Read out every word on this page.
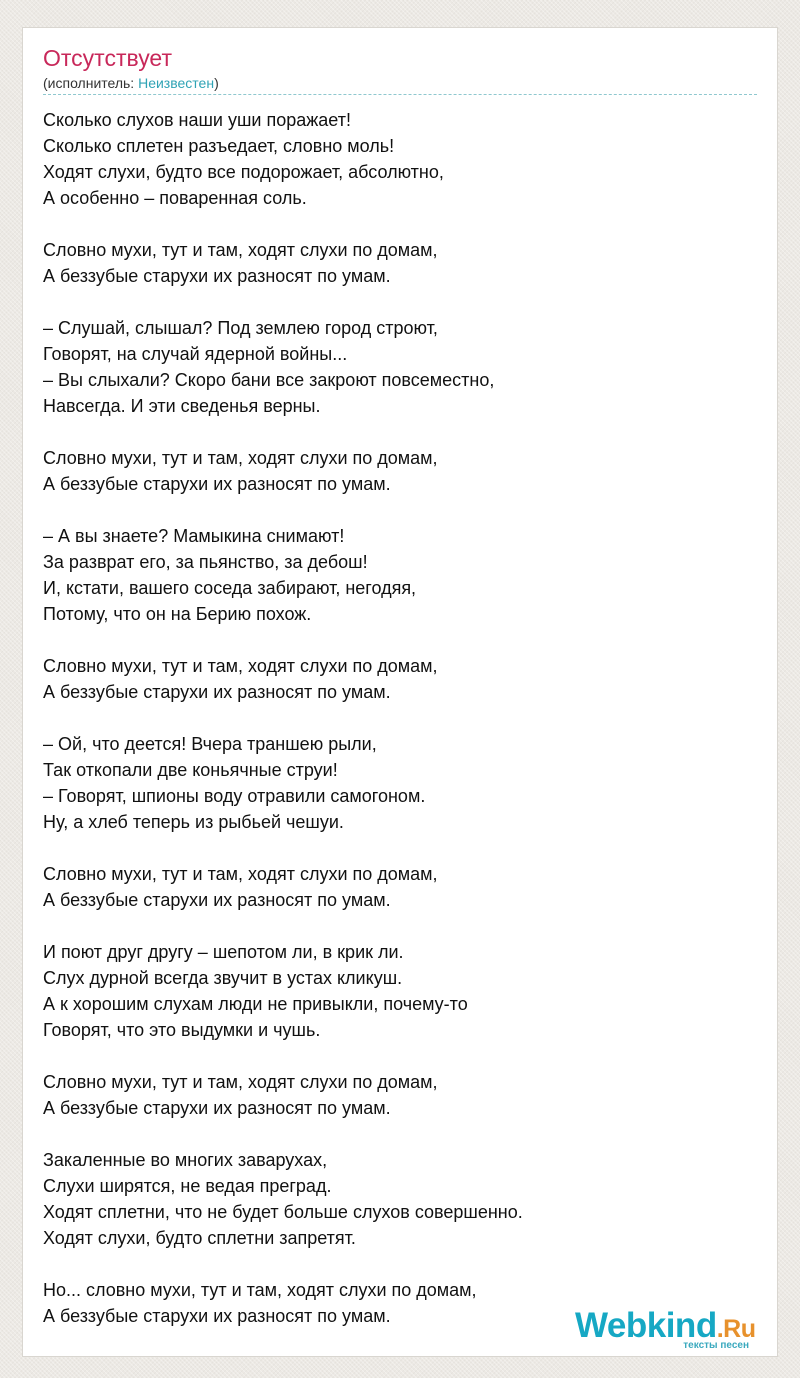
Отсутствует
(исполнитель: Неизвестен)
Сколько слухов наши уши поражает!
Сколько сплетен разъедает, словно моль!
Ходят слухи, будто все подорожает, абсолютно,
А особенно – поваренная соль.
Словно мухи, тут и там, ходят слухи по домам,
А беззубые старухи их разносят по умам.
– Слушай, слышал? Под землею город строют,
Говорят, на случай ядерной войны...
– Вы слыхали? Скоро бани все закроют повсеместно,
Навсегда. И эти сведенья верны.
Словно мухи, тут и там, ходят слухи по домам,
А беззубые старухи их разносят по умам.
– А вы знаете? Мамыкина снимают!
За разврат его, за пьянство, за дебош!
И, кстати, вашего соседа забирают, негодяя,
Потому, что он на Берию похож.
Словно мухи, тут и там, ходят слухи по домам,
А беззубые старухи их разносят по умам.
– Ой, что деется! Вчера траншею рыли,
Так откопали две коньячные струи!
– Говорят, шпионы воду отравили самогоном.
Ну, а хлеб теперь из рыбьей чешуи.
Словно мухи, тут и там, ходят слухи по домам,
А беззубые старухи их разносят по умам.
И поют друг другу – шепотом ли, в крик ли.
Слух дурной всегда звучит в устах кликуш.
А к хорошим слухам люди не привыкли, почему-то
Говорят, что это выдумки и чушь.
Словно мухи, тут и там, ходят слухи по домам,
А беззубые старухи их разносят по умам.
Закаленные во многих заварухах,
Слухи ширятся, не ведая преград.
Ходят сплетни, что не будет больше слухов совершенно.
Ходят слухи, будто сплетни запретят.
Но... словно мухи, тут и там, ходят слухи по домам,
А беззубые старухи их разносят по умам.	Webkind.Ru
тексты песен
